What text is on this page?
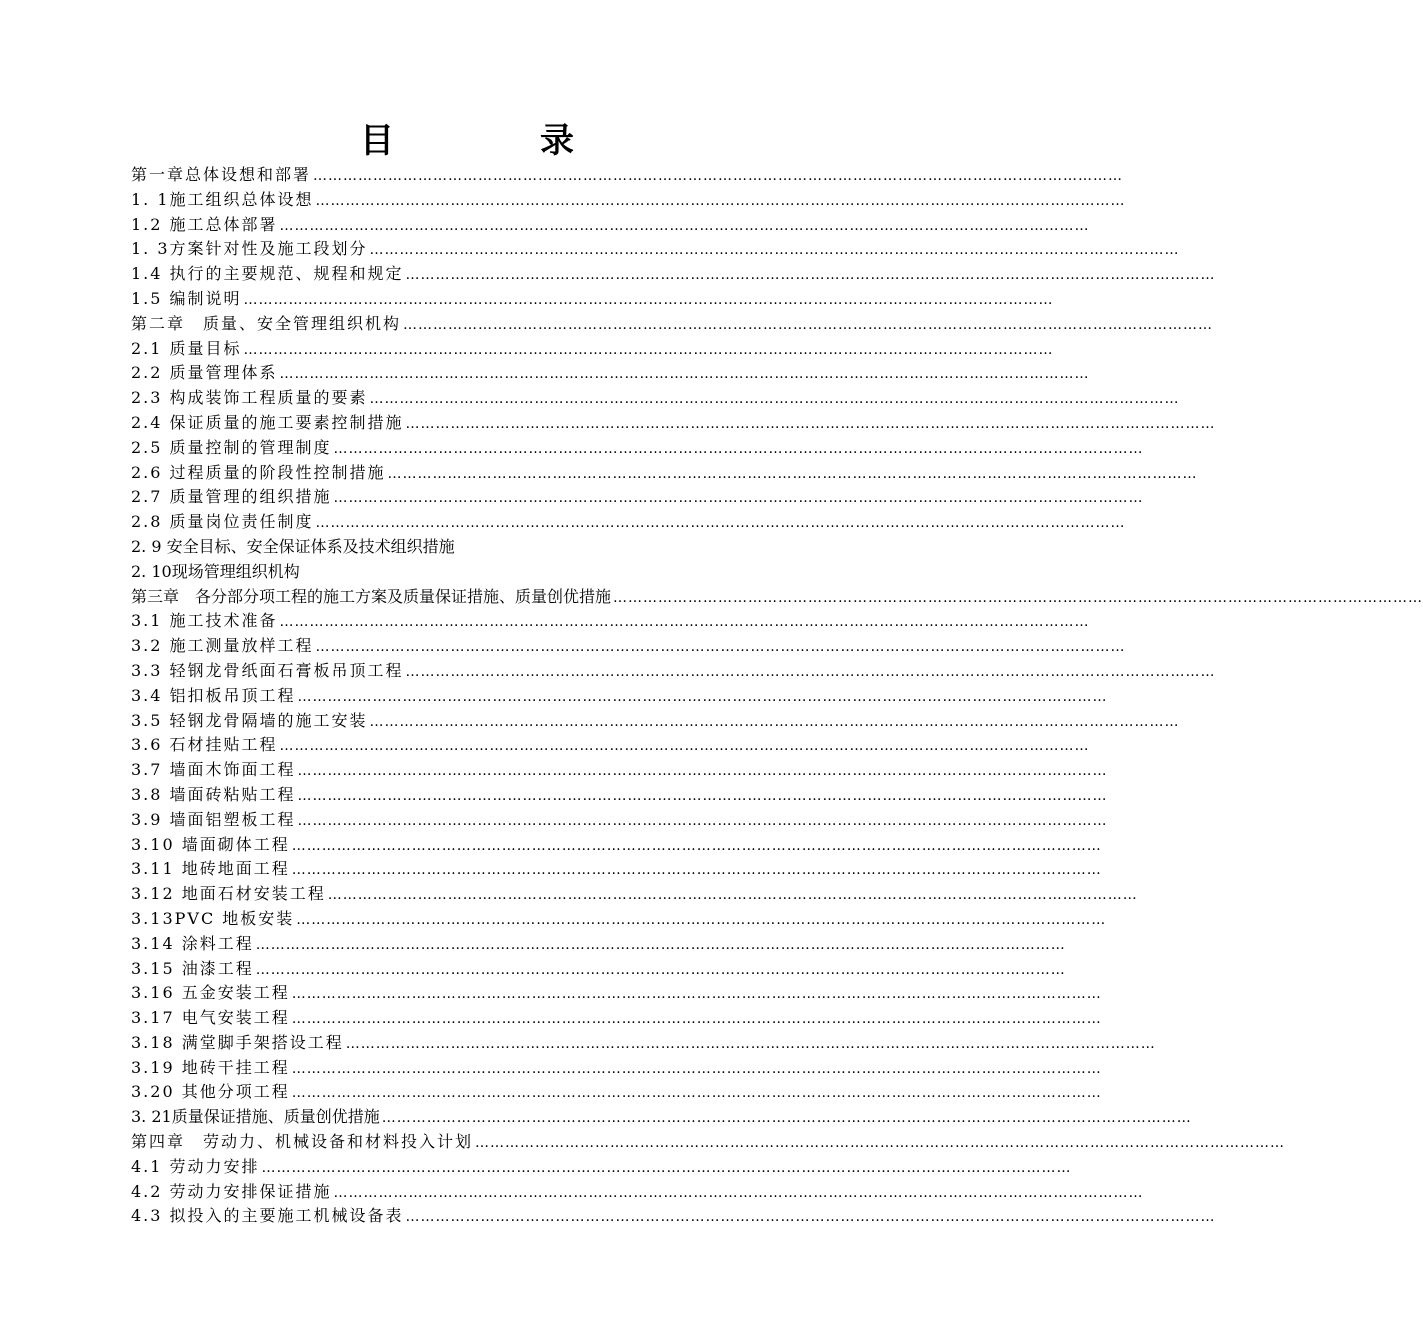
目　录
第一章总体设想和部署 ………………………………………………………………………………………………………………………………………………
1. 1施工组织总体设想 ………………………………………………………………………………………………………………………………………………
1.2 施工总体部署 ………………………………………………………………………………………………………………………………………………
1. 3方案针对性及施工段划分 ………………………………………………………………………………………………………………………………………………
1.4 执行的主要规范、规程和规定 ………………………………………………………………………………………………………………………………………………
1.5 编制说明 ………………………………………………………………………………………………………………………………………………
第二章　质量、安全管理组织机构 ………………………………………………………………………………………………………………………………………………
2.1 质量目标 ………………………………………………………………………………………………………………………………………………
2.2 质量管理体系 ………………………………………………………………………………………………………………………………………………
2.3 构成装饰工程质量的要素 ………………………………………………………………………………………………………………………………………………
2.4 保证质量的施工要素控制措施 ………………………………………………………………………………………………………………………………………………
2.5 质量控制的管理制度 ………………………………………………………………………………………………………………………………………………
2.6 过程质量的阶段性控制措施 ………………………………………………………………………………………………………………………………………………
2.7 质量管理的组织措施 ………………………………………………………………………………………………………………………………………………
2.8 质量岗位责任制度 ………………………………………………………………………………………………………………………………………………
2. 9 安全目标、安全保证体系及技术组织措施
2. 10现场管理组织机构
第三章　各分部分项工程的施工方案及质量保证措施、质量创优措施 ………………………………………………………………………………………………………………………………………………
3.1 施工技术准备 ………………………………………………………………………………………………………………………………………………
3.2 施工测量放样工程 ………………………………………………………………………………………………………………………………………………
3.3 轻钢龙骨纸面石膏板吊顶工程 ………………………………………………………………………………………………………………………………………………
3.4 铝扣板吊顶工程 ………………………………………………………………………………………………………………………………………………
3.5 轻钢龙骨隔墙的施工安装 ………………………………………………………………………………………………………………………………………………
3.6 石材挂贴工程 ………………………………………………………………………………………………………………………………………………
3.7 墙面木饰面工程 ………………………………………………………………………………………………………………………………………………
3.8 墙面砖粘贴工程 ………………………………………………………………………………………………………………………………………………
3.9 墙面铝塑板工程 ………………………………………………………………………………………………………………………………………………
3.10 墙面砌体工程 ………………………………………………………………………………………………………………………………………………
3.11 地砖地面工程 ………………………………………………………………………………………………………………………………………………
3.12 地面石材安装工程 ………………………………………………………………………………………………………………………………………………
3.13PVC 地板安装 ………………………………………………………………………………………………………………………………………………
3.14 涂料工程 ………………………………………………………………………………………………………………………………………………
3.15 油漆工程 ………………………………………………………………………………………………………………………………………………
3.16 五金安装工程 ………………………………………………………………………………………………………………………………………………
3.17 电气安装工程 ………………………………………………………………………………………………………………………………………………
3.18 满堂脚手架搭设工程 ………………………………………………………………………………………………………………………………………………
3.19 地砖干挂工程 ………………………………………………………………………………………………………………………………………………
3.20 其他分项工程 ………………………………………………………………………………………………………………………………………………
3. 21质量保证措施、质量创优措施 ………………………………………………………………………………………………………………………………………………
第四章　劳动力、机械设备和材料投入计划 ………………………………………………………………………………………………………………………………………………
4.1 劳动力安排 ………………………………………………………………………………………………………………………………………………
4.2 劳动力安排保证措施 ………………………………………………………………………………………………………………………………………………
4.3 拟投入的主要施工机械设备表 ………………………………………………………………………………………………………………………………………………
